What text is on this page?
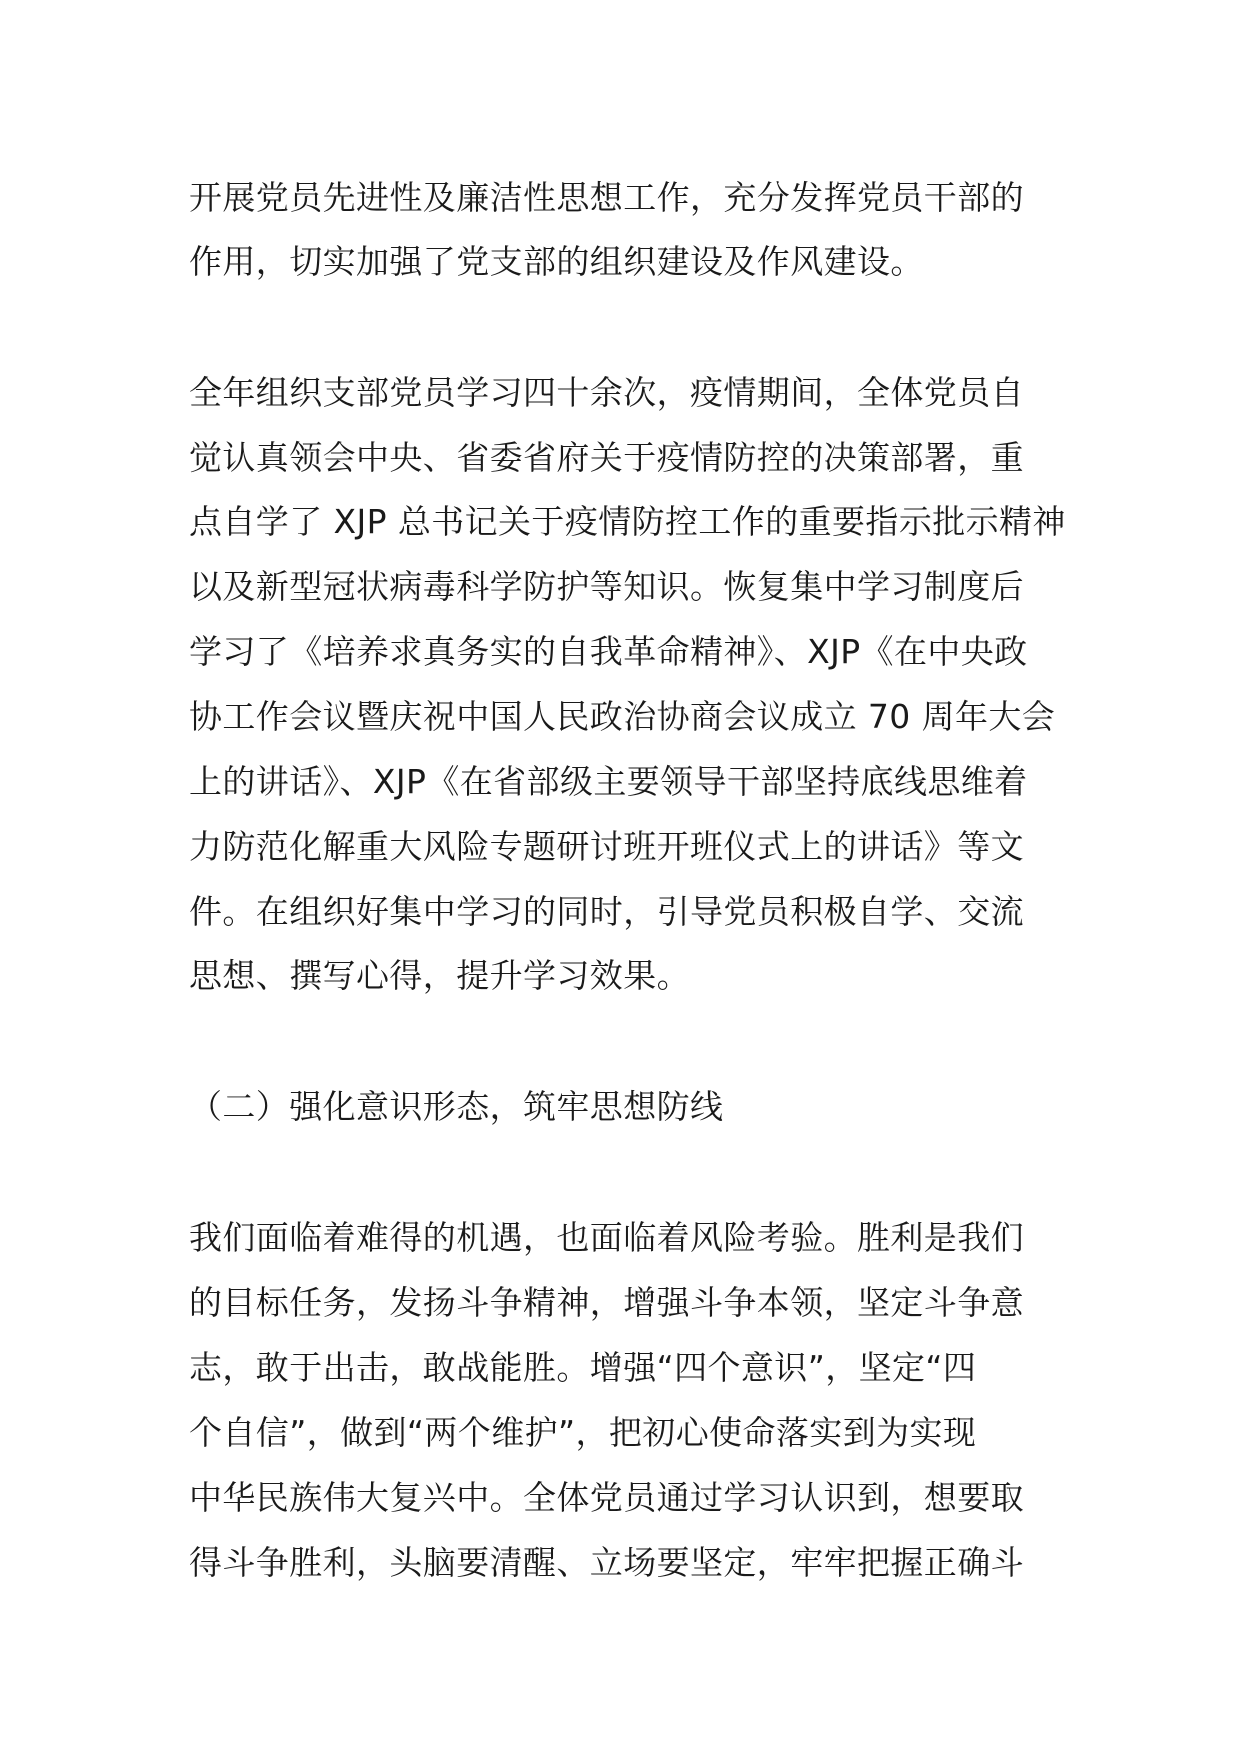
开展党员先进性及廉洁性思想工作，充分发挥党员干部的
作用，切实加强了党支部的组织建设及作风建设。
全年组织支部党员学习四十余次，疫情期间，全体党员自
觉认真领会中央、省委省府关于疫情防控的决策部署，重
点自学了 XJP 总书记关于疫情防控工作的重要指示批示精神
以及新型冠状病毒科学防护等知识。恢复集中学习制度后
学习了《培养求真务实的自我革命精神》、XJP《在中央政
协工作会议暨庆祝中国人民政治协商会议成立 70 周年大会
上的讲话》、XJP《在省部级主要领导干部坚持底线思维着
力防范化解重大风险专题研讨班开班仪式上的讲话》等文
件。在组织好集中学习的同时，引导党员积极自学、交流
思想、撰写心得，提升学习效果。
（二）强化意识形态，筑牢思想防线
我们面临着难得的机遇，也面临着风险考验。胜利是我们
的目标任务，发扬斗争精神，增强斗争本领，坚定斗争意
志，敢于出击，敢战能胜。增强“四个意识”，坚定“四
个自信”，做到“两个维护”，把初心使命落实到为实现
中华民族伟大复兴中。全体党员通过学习认识到，想要取
得斗争胜利，头脑要清醒、立场要坚定，牢牢把握正确斗
